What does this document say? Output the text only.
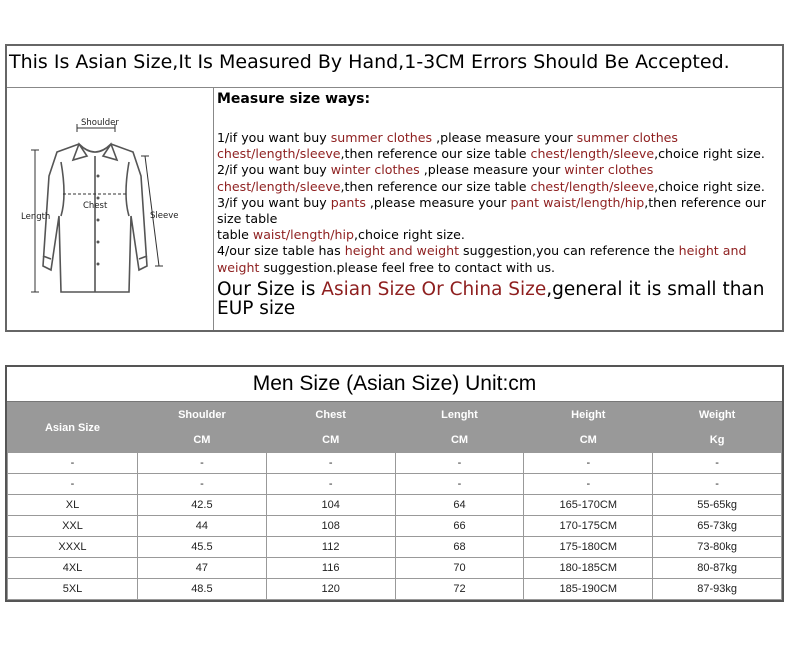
This Is Asian Size,It Is Measured By Hand,1-3CM Errors Should Be Accepted.
Shoulder
Length
Chest
Sleeve

Measure size ways:

1/if you want buy summer clothes ,please measure your summer clothes
chest/length/sleeve,then reference our size table chest/length/sleeve,choice right size.

2/if you want buy winter clothes ,please measure your winter clothes
chest/length/sleeve,then reference our size table chest/length/sleeve,choice right size.

3/if you want buy pants ,please measure your pant waist/length/hip,then reference our size table
table waist/length/hip,choice right size.

4/our size table has height and weight suggestion,you can reference the height and weight suggestion.please feel free to contact with us.

Our Size is Asian Size Or China Size,general it is small than EUP size
Men Size (Asian Size) Unit:cm
Asian Size	Shoulder	Chest	Lenght	Height	Weight
	CM	CM	CM	CM	Kg
-	-	-	-	-	-
-	-	-	-	-	-
XL	42.5	104	64	165-170CM	55-65kg
XXL	44	108	66	170-175CM	65-73kg
XXXL	45.5	112	68	175-180CM	73-80kg
4XL	47	116	70	180-185CM	80-87kg
5XL	48.5	120	72	185-190CM	87-93kg
